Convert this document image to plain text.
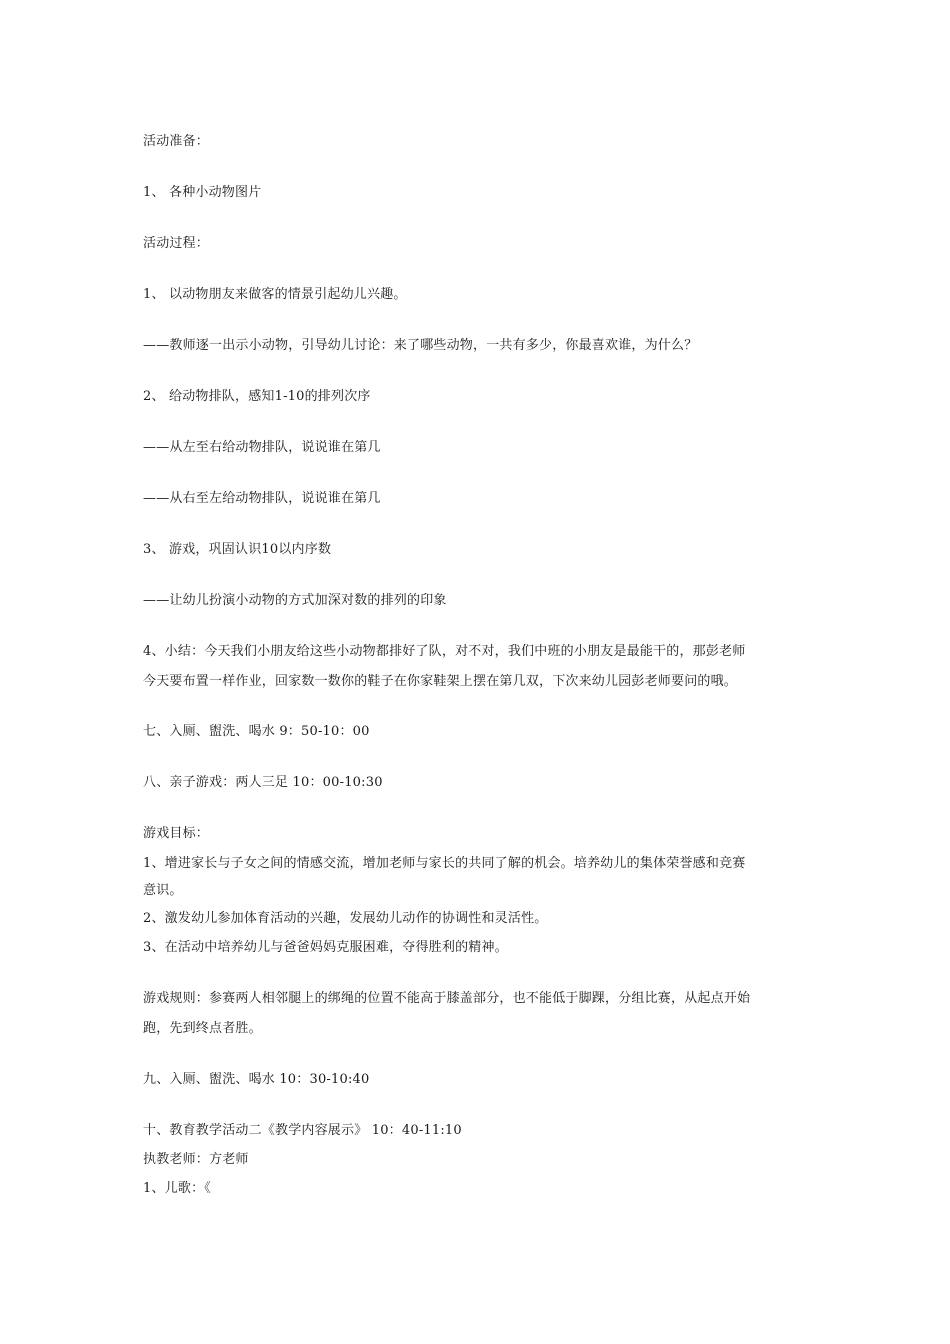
活动准备：
1、 各种小动物图片
活动过程：
1、 以动物朋友来做客的情景引起幼儿兴趣。
——教师逐一出示小动物，引导幼儿讨论：来了哪些动物，一共有多少，你最喜欢谁，为什么？
2、 给动物排队，感知1-10的排列次序
——从左至右给动物排队，说说谁在第几
——从右至左给动物排队，说说谁在第几
3、 游戏，巩固认识10以内序数
——让幼儿扮演小动物的方式加深对数的排列的印象
4、小结：今天我们小朋友给这些小动物都排好了队，对不对，我们中班的小朋友是最能干的，那彭老师
今天要布置一样作业，回家数一数你的鞋子在你家鞋架上摆在第几双，下次来幼儿园彭老师要问的哦。
七、入厕、盥洗、喝水 9：50-10：00
八、亲子游戏：两人三足 10：00-10:30
游戏目标：
1、增进家长与子女之间的情感交流，增加老师与家长的共同了解的机会。培养幼儿的集体荣誉感和竞赛
意识。
2、激发幼儿参加体育活动的兴趣，发展幼儿动作的协调性和灵活性。
3、在活动中培养幼儿与爸爸妈妈克服困难，夺得胜利的精神。
游戏规则：参赛两人相邻腿上的绑绳的位置不能高于膝盖部分，也不能低于脚踝，分组比赛，从起点开始
跑，先到终点者胜。
九、入厕、盥洗、喝水 10：30-10:40
十、教育教学活动二《教学内容展示》 10：40-11:10
执教老师：方老师
1、儿歌：《
